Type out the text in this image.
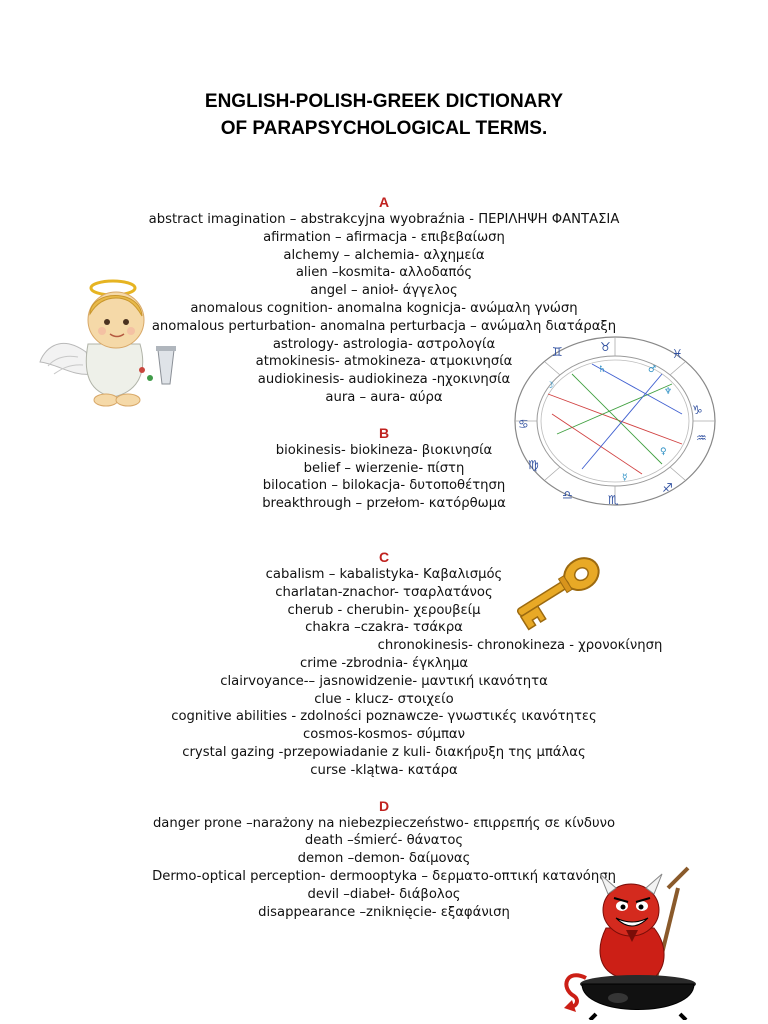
ENGLISH-POLISH-GREEK DICTIONARY
OF PARAPSYCHOLOGICAL TERMS.
A
abstract imagination – abstrakcyjna wyobraźnia - ΠΕΡΙΛΗΨΗ ΦΑΝΤΑΣΙΑ
afirmation – afirmacja - επιβεβαίωση
alchemy – alchemia- αλχημεία
alien –kosmita- αλλοδαπός
angel – anioł- άγγελος
anomalous cognition- anomalna kognicja- ανώμαλη γνώση
anomalous perturbation- anomalna perturbacja – ανώμαλη διατάραξη
astrology- astrologia- αστρολογία
atmokinesis- atmokineza- ατμοκινησία
audiokinesis- audiokineza -ηχοκινησία
aura – aura- αύρα
B
biokinesis- biokineza- βιοκινησία
belief – wierzenie- πίστη
bilocation – bilokacja- δυτοποθέτηση
breakthrough – przełom- κατόρθωμα
C
cabalism – kabalistyka- Καβαλισμός
charlatan-znachor- τσαρλατάνος
cherub - cherubin- χερουβείμ
chakra –czakra- τσάκρα
chronokinesis- chronokineza - χρονοκίνηση
crime -zbrodnia- έγκλημα
clairvoyance-– jasnowidzenie- μαντική ικανότητα
clue - klucz- στοιχείο
cognitive abilities - zdolności poznawcze- γνωστικές ικανότητες
cosmos-kosmos- σύμπαν
crystal gazing -przepowiadanie z kuli- διακήρυξη της μπάλας
curse -klątwa- κατάρα
D
danger prone –narażony na niebezpieczeństwo- επιρρεπής σε κίνδυνο
death –śmierć- θάνατος
demon –demon- δαίμονας
Dermo-optical perception- dermooptyka – δερματο-οπτική κατανόηση
devil –diabeł- διάβολος
disappearance –zniknięcie- εξαφάνιση
♊	♉	♓
♑
♋
♍
♎	♏
♐
♒
♄	♂
♆
☽
♀
☿
